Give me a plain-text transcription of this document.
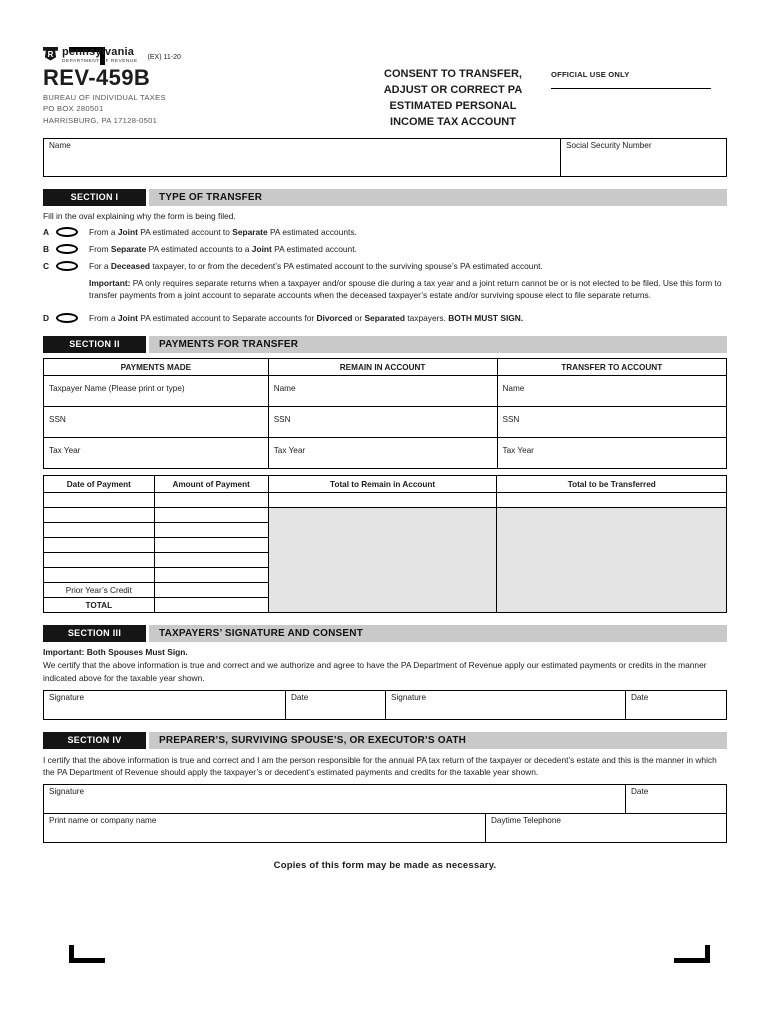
R pennsylvania
DEPARTMENT OF REVENUE
(EX) 11-20
REV-459B
BUREAU OF INDIVIDUAL TAXES
PO BOX 280501
HARRISBURG, PA 17128-0501
CONSENT TO TRANSFER,
ADJUST OR CORRECT PA
ESTIMATED PERSONAL
INCOME TAX ACCOUNT
OFFICIAL USE ONLY
Name	Social Security Number
SECTION I	TYPE OF TRANSFER
Fill in the oval explaining why the form is being filed.
A	From a Joint PA estimated account to Separate PA estimated accounts.
B	From Separate PA estimated accounts to a Joint PA estimated account.
C	For a Deceased taxpayer, to or from the decedent’s PA estimated account to the surviving spouse’s PA estimated account.
Important: PA only requires separate returns when a taxpayer and/or spouse die during a tax year and a joint return cannot be or is not elected to be filed. Use this form to transfer payments from a joint account to separate accounts when the deceased taxpayer’s estate and/or surviving spouse elect to file separate returns.
D	From a Joint PA estimated account to Separate accounts for Divorced or Separated taxpayers. BOTH MUST SIGN.
SECTION II	PAYMENTS FOR TRANSFER
PAYMENTS MADE	REMAIN IN ACCOUNT	TRANSFER TO ACCOUNT
Taxpayer Name (Please print or type)	Name	Name
SSN	SSN	SSN
Tax Year	Tax Year	Tax Year
Date of Payment	Amount of Payment	Total to Remain in Account	Total to be Transferred

Prior Year’s Credit			
TOTAL			
SECTION III	TAXPAYERS’ SIGNATURE AND CONSENT
Important: Both Spouses Must Sign.
We certify that the above information is true and correct and we authorize and agree to have the PA Department of Revenue apply our estimated payments or credits in the manner indicated above for the taxable year shown.
Signature	Date	Signature	Date
SECTION IV	PREPARER’S, SURVIVING SPOUSE’S, OR EXECUTOR’S OATH
I certify that the above information is true and correct and I am the person responsible for the annual PA tax return of the taxpayer or decedent’s estate and this is the manner in which the PA Department of Revenue should apply the taxpayer’s or decedent’s estimated payments and credits for the taxable year shown.
Signature	Date
Print name or company name	Daytime Telephone
Copies of this form may be made as necessary.
